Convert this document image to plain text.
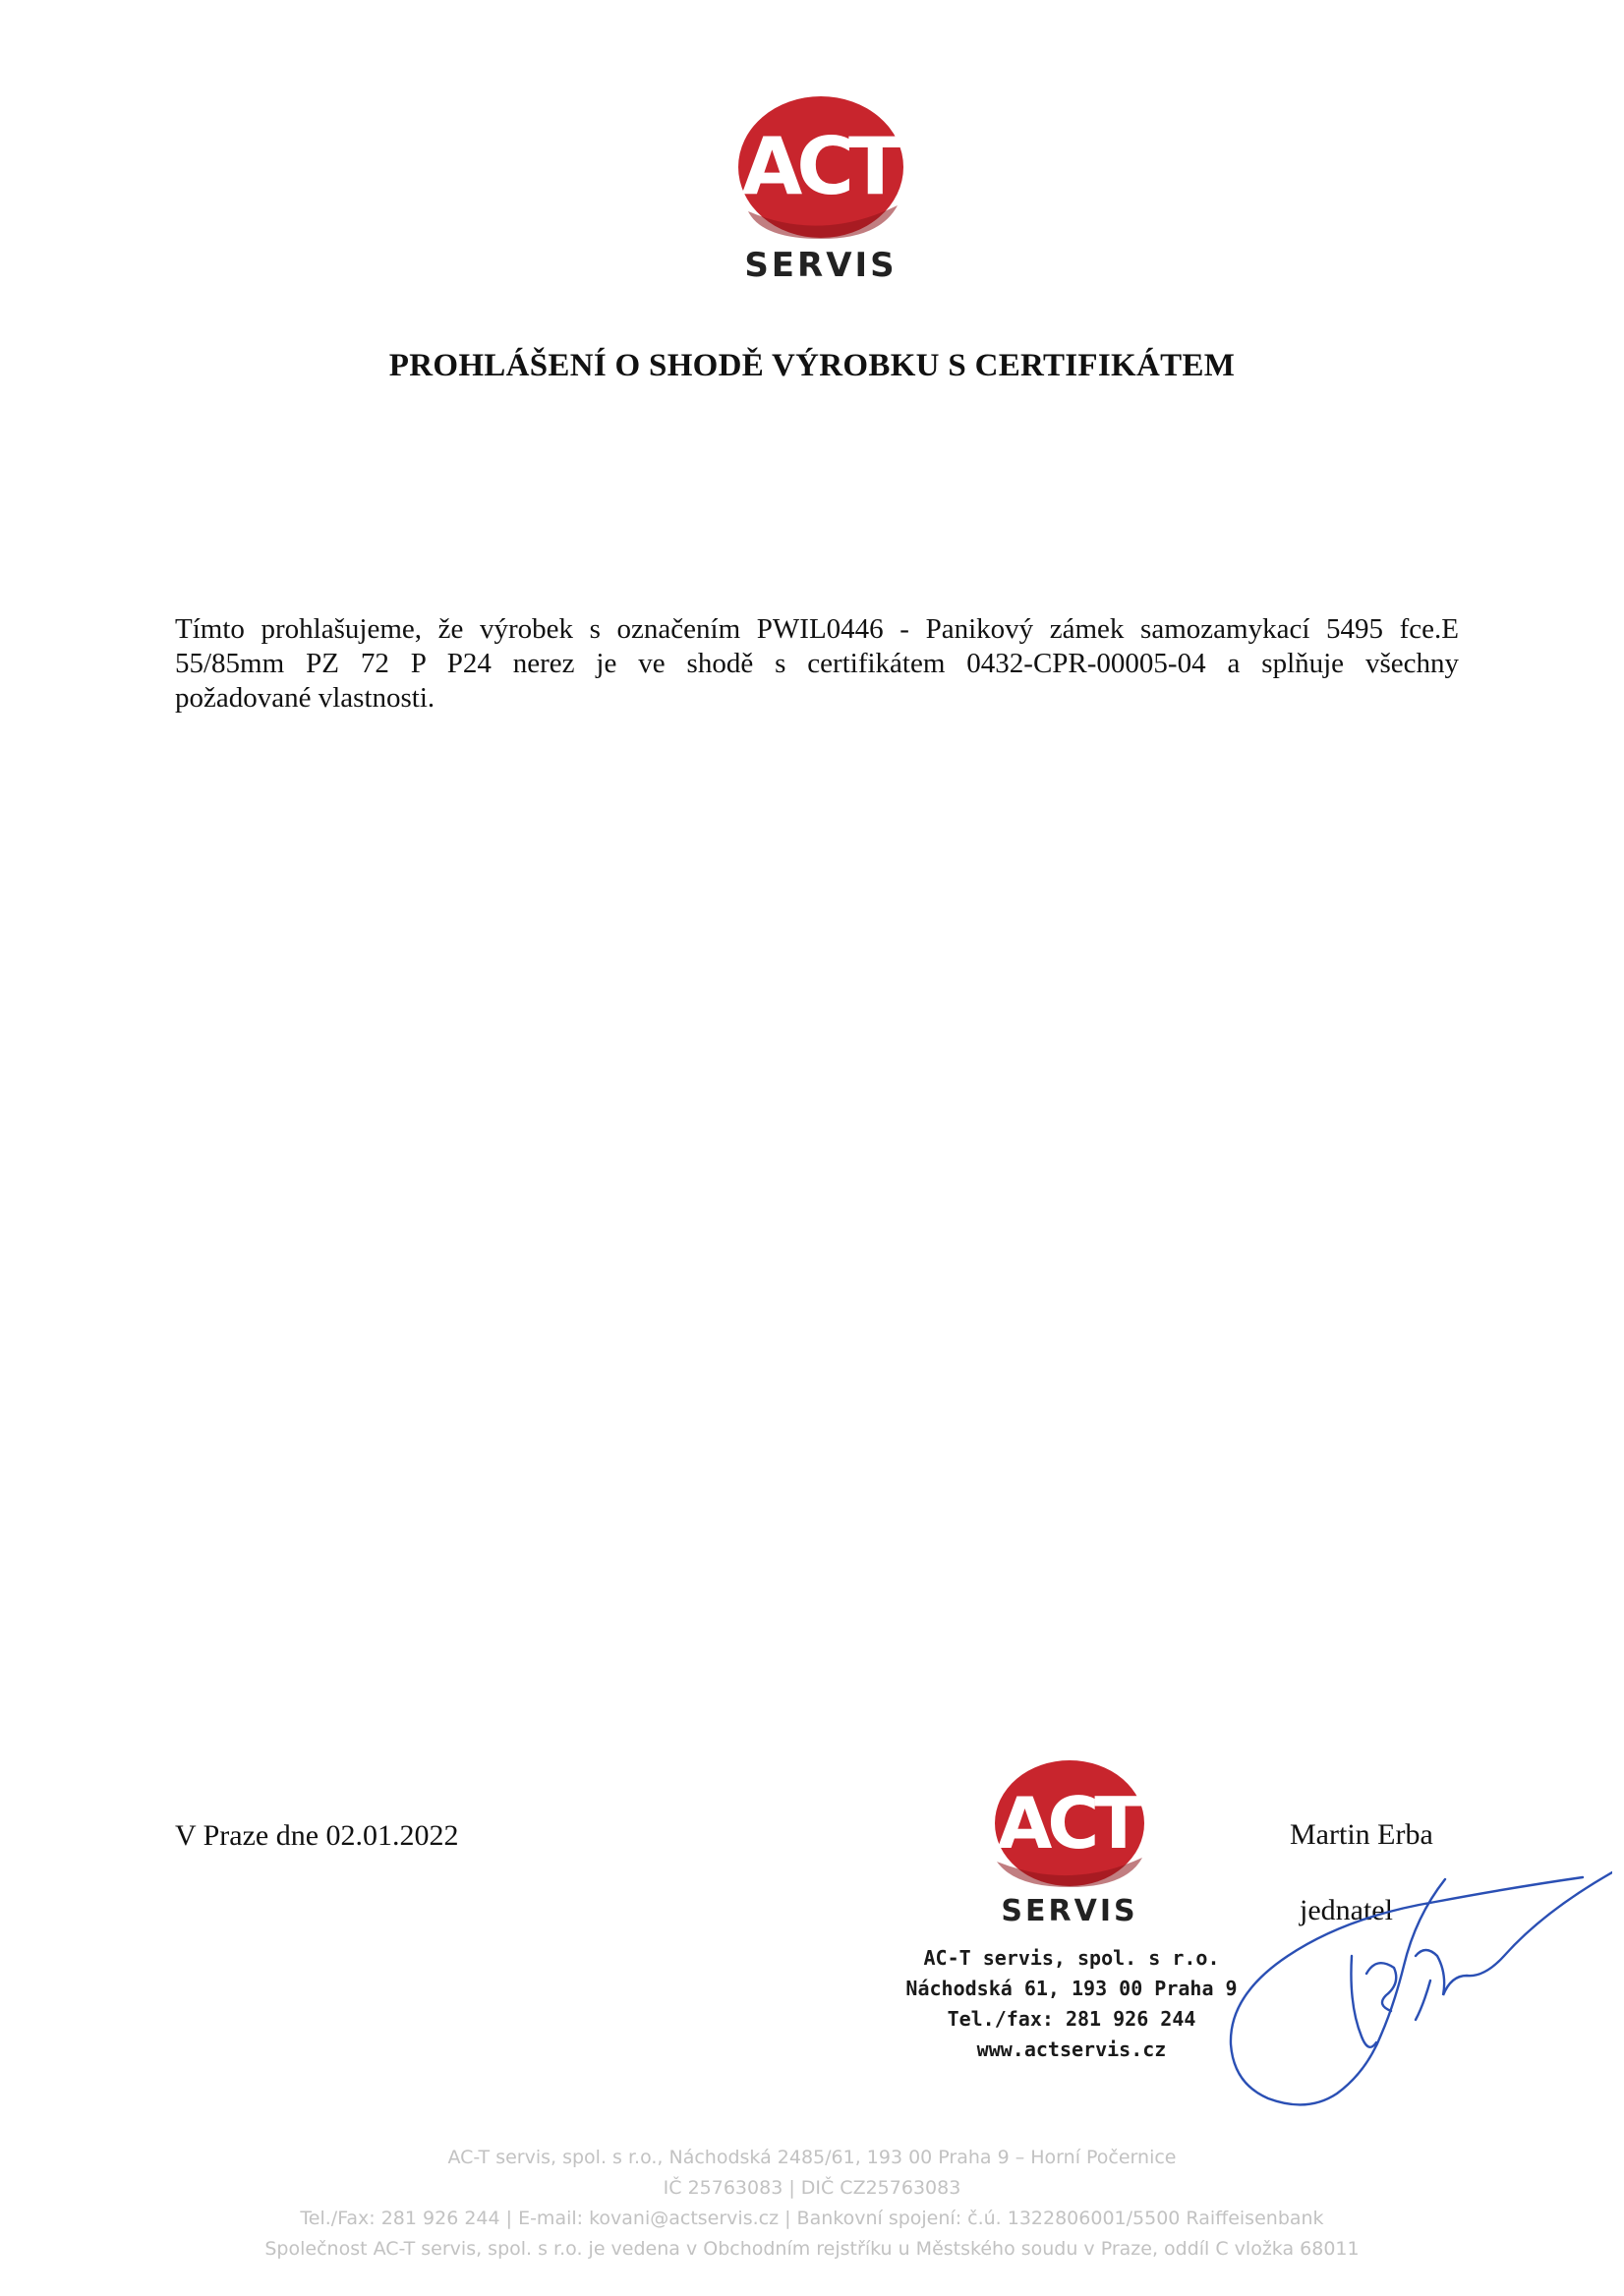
ACT
SERVIS
PROHLÁŠENÍ O SHODĚ VÝROBKU S CERTIFIKÁTEM
Tímto prohlašujeme, že výrobek s označením PWIL0446 - Panikový zámek samozamykací 5495 fce.E
55/85mm PZ 72 P P24 nerez je ve shodě s certifikátem 0432-CPR-00005-04 a splňuje všechny
požadované vlastnosti.
V Praze dne 02.01.2022	ACT
SERVIS
AC-T servis, spol. s r.o.
Náchodská 61, 193 00 Praha 9
Tel./fax: 281 926 244
www.actservis.cz
Martin Erba
jednatel
AC-T servis, spol. s r.o., Náchodská 2485/61, 193 00 Praha 9 – Horní Počernice
IČ 25763083 | DIČ CZ25763083
Tel./Fax: 281 926 244 | E-mail: kovani@actservis.cz | Bankovní spojení: č.ú. 1322806001/5500 Raiffeisenbank
Společnost AC-T servis, spol. s r.o. je vedena v Obchodním rejstříku u Městského soudu v Praze, oddíl C vložka 68011
